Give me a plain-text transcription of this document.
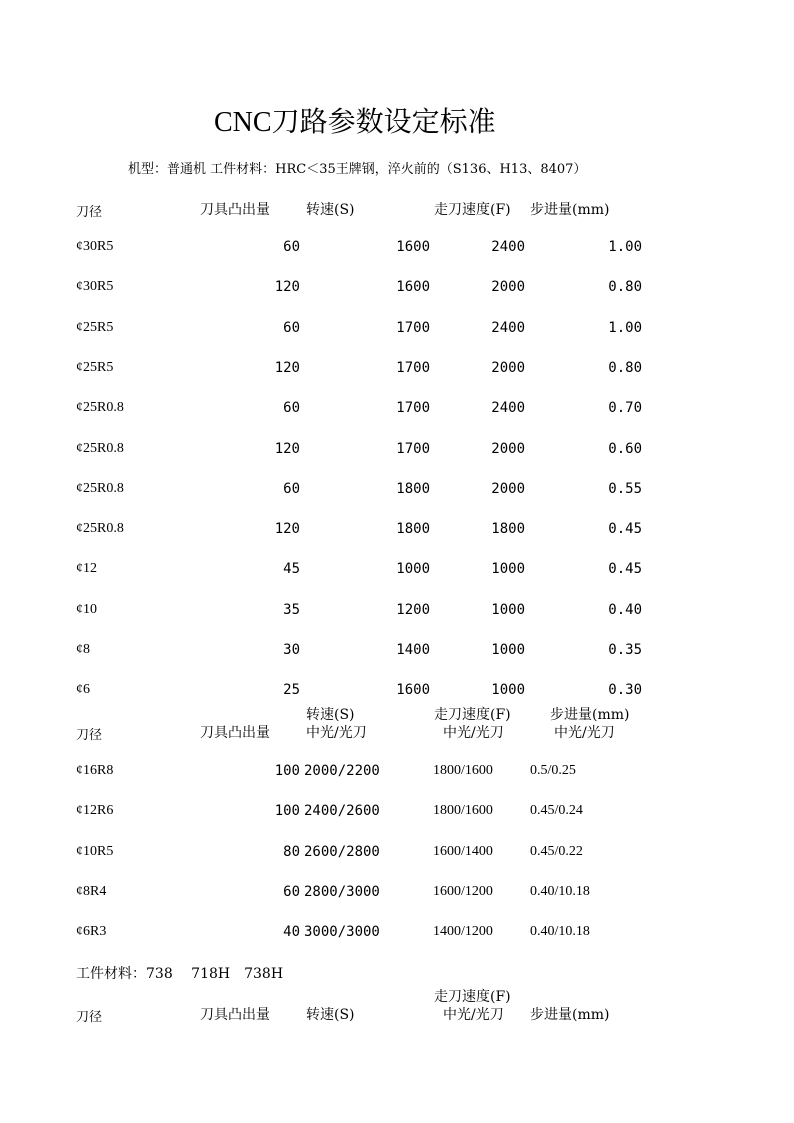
CNC刀路参数设定标准
机型：普通机 工件材料：HRC＜35王牌钢，淬火前的（S136、H13、8407）
刀径	刀具凸出量	转速(S)	走刀速度(F) 步进量(mm)
¢30R5	60	1600	2400	1.00
¢30R5	120	1600	2000	0.80
¢25R5	60	1700	2400	1.00
¢25R5	120	1700	2000	0.80
¢25R0.8	60	1700	2400	0.70
¢25R0.8	120	1700	2000	0.60
¢25R0.8	60	1800	2000	0.55
¢25R0.8	120	1800	1800	0.45
¢12	45	1000	1000	0.45
¢10	35	1200	1000	0.40
¢8	30	1400	1000	0.35
¢6	25	1600	1000	0.30
转速(S)	走刀速度(F)	步进量(mm)
刀径	刀具凸出量	中光/光刀	中光/光刀	中光/光刀
¢16R8	100 2000/2200	1800/1600	0.5/0.25
¢12R6	100 2400/2600	1800/1600	0.45/0.24
¢10R5	80 2600/2800	1600/1400	0.45/0.22
¢8R4	60 2800/3000	1600/1200	0.40/10.18
¢6R3	40 3000/3000	1400/1200	0.40/10.18
工件材料：738　 718H　738H
走刀速度(F)
刀径	刀具凸出量	转速(S)	中光/光刀 步进量(mm)
